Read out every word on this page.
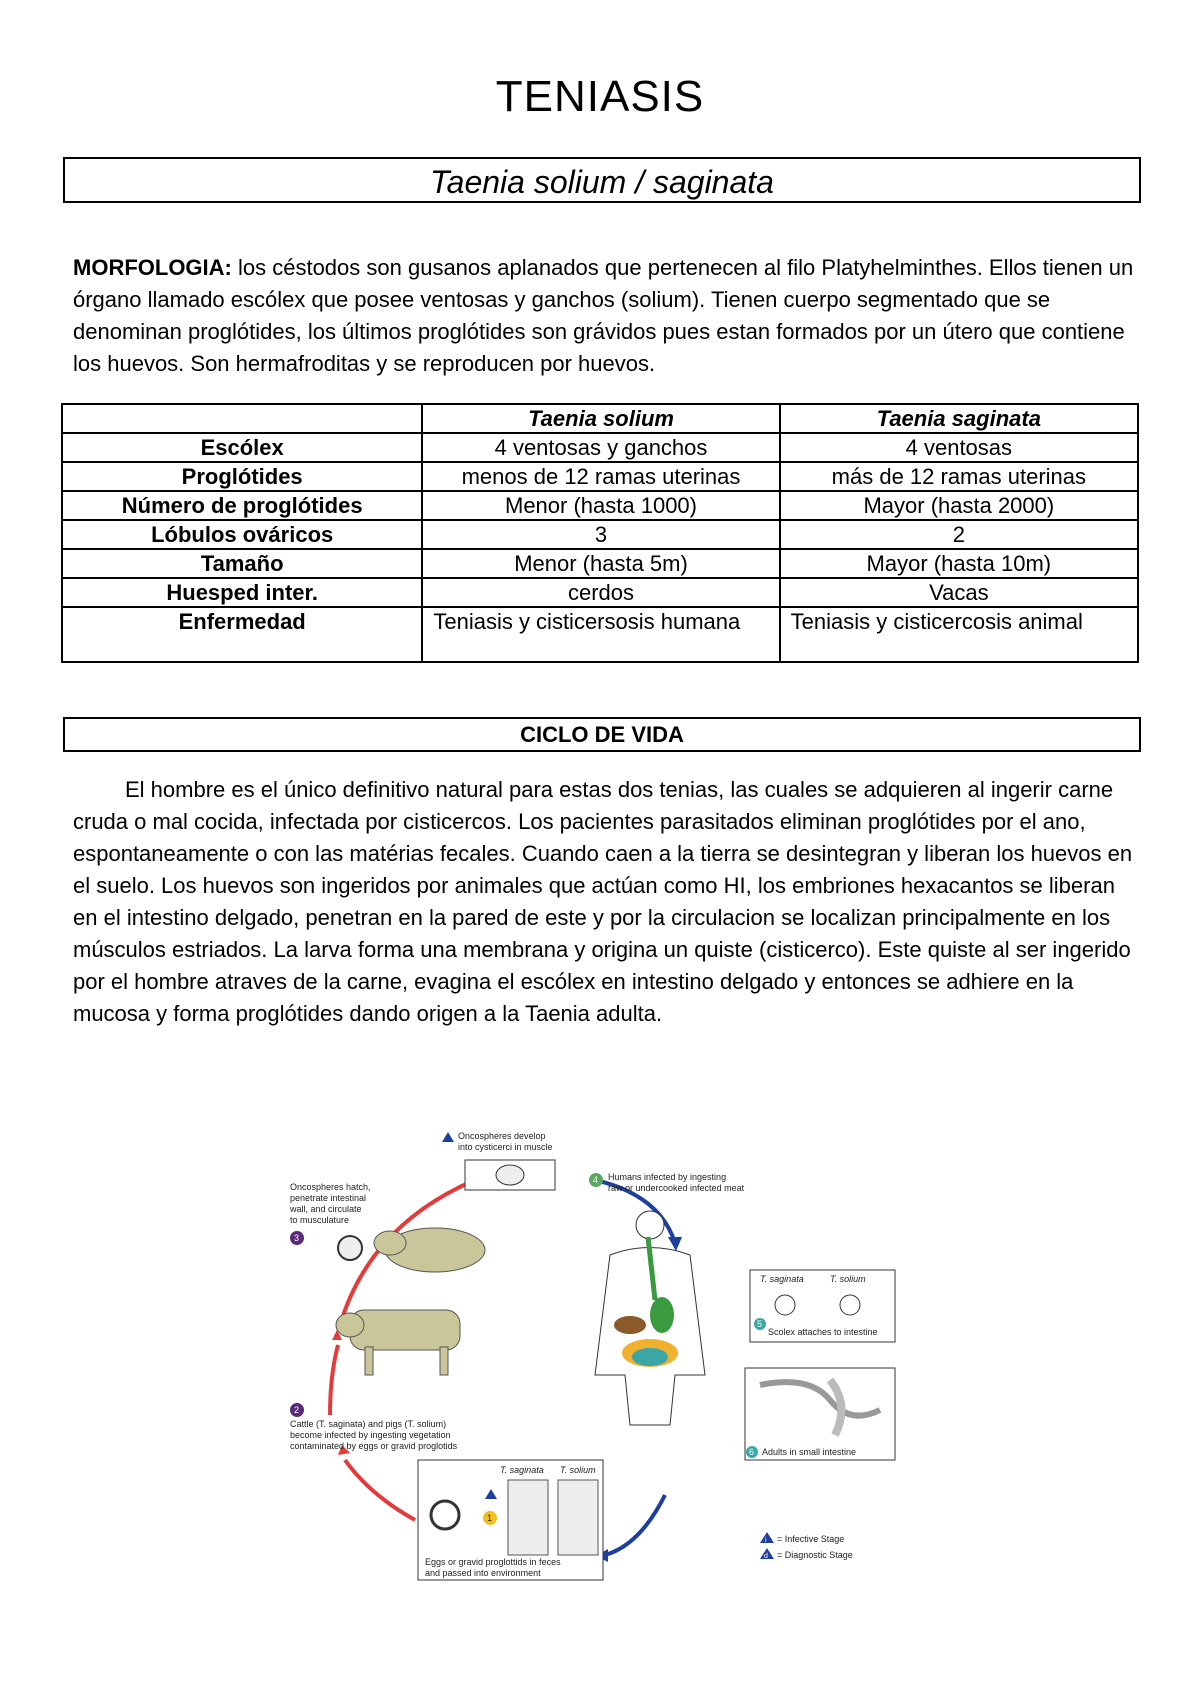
TENIASIS
Taenia solium / saginata
MORFOLOGIA: los céstodos son gusanos aplanados que pertenecen al filo Platyhelminthes. Ellos tienen un órgano llamado escólex que posee ventosas y ganchos (solium). Tienen cuerpo segmentado que se denominan proglótides, los últimos proglótides son grávidos pues estan formados por un útero que contiene los huevos. Son hermafroditas y se reproducen por huevos.
	Taenia solium	Taenia saginata
Escólex	4 ventosas y ganchos	4 ventosas
Proglótides	menos de 12 ramas uterinas	más de 12 ramas uterinas
Número de proglótides	Menor (hasta 1000)	Mayor (hasta 2000)
Lóbulos ováricos	3	2
Tamaño	Menor (hasta 5m)	Mayor (hasta 10m)
Huesped inter.	cerdos	Vacas
Enfermedad	Teniasis y cisticersosis humana	Teniasis y cisticercosis animal
CICLO DE VIDA
El hombre es el único definitivo natural para estas dos tenias, las cuales se adquieren al ingerir carne cruda o mal cocida, infectada por cisticercos. Los pacientes parasitados eliminan proglótides por el ano, espontaneamente o con las matérias fecales. Cuando caen a la tierra se desintegran y liberan los huevos en el suelo. Los huevos son ingeridos por animales que actúan como HI, los embriones hexacantos se liberan en el intestino delgado, penetran en la pared de este y por la circulacion se localizan principalmente en los músculos estriados. La larva forma una membrana y origina un quiste (cisticerco). Este quiste al ser ingerido por el hombre atraves de la carne, evagina el escólex en intestino delgado y entonces se adhiere en la mucosa y forma proglótides dando origen a la Taenia adulta.
Oncospheres develop
into cysticerci in muscle
4 Humans infected by ingesting
raw or undercooked infected meat
Oncospheres hatch,
penetrate intestinal
wall, and circulate
to musculature
3
2
Cattle (T. saginata) and pigs (T. solium)
become infected by ingesting vegetation
contaminated by eggs or gravid proglotids
T. saginata	T. solium
5
Scolex attaches to intestine
6 Adults in small intestine
T. saginata T. solium
1
Eggs or gravid proglottids in feces
and passed into environment
i = Infective Stage
d = Diagnostic Stage
